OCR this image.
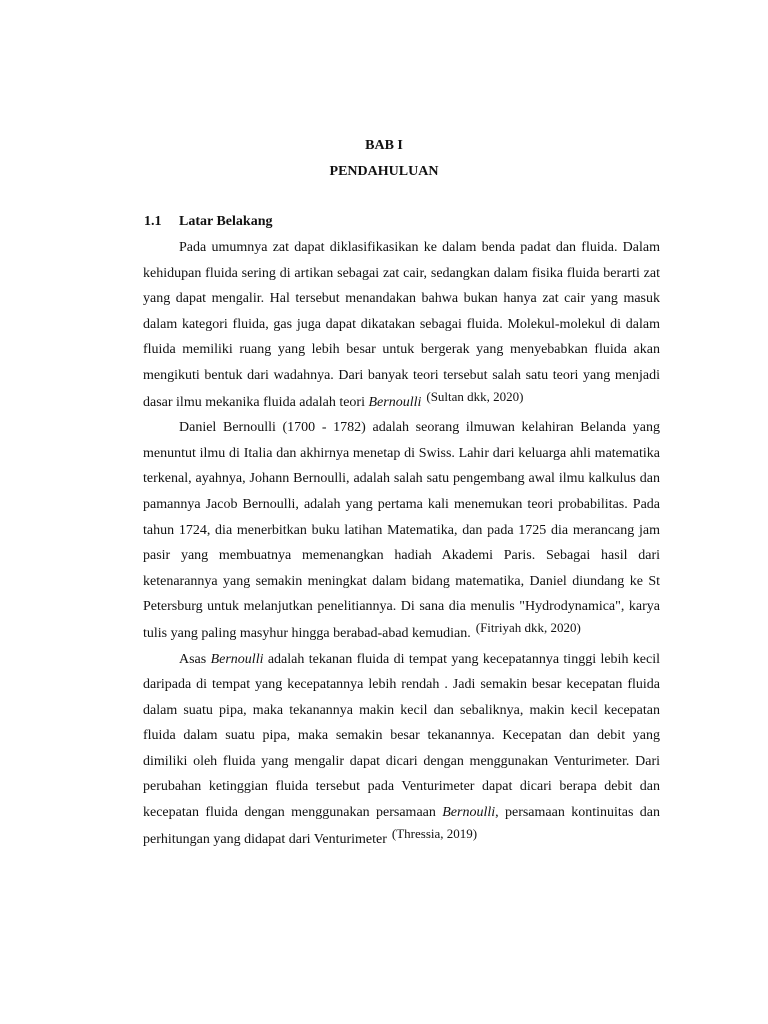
BAB I
PENDAHULUAN
1.1 Latar Belakang

Pada umumnya zat dapat diklasifikasikan ke dalam benda padat dan fluida. Dalam kehidupan fluida sering di artikan sebagai zat cair, sedangkan dalam fisika fluida berarti zat yang dapat mengalir. Hal tersebut menandakan bahwa bukan hanya zat cair yang masuk dalam kategori fluida, gas juga dapat dikatakan sebagai fluida. Molekul-molekul di dalam fluida memiliki ruang yang lebih besar untuk bergerak yang menyebabkan fluida akan mengikuti bentuk dari wadahnya. Dari banyak teori tersebut salah satu teori yang menjadi dasar ilmu mekanika fluida adalah teori Bernoulli (Sultan dkk, 2020)

Daniel Bernoulli (1700 - 1782) adalah seorang ilmuwan kelahiran Belanda yang menuntut ilmu di Italia dan akhirnya menetap di Swiss. Lahir dari keluarga ahli matematika terkenal, ayahnya, Johann Bernoulli, adalah salah satu pengembang awal ilmu kalkulus dan pamannya Jacob Bernoulli, adalah yang pertama kali menemukan teori probabilitas. Pada tahun 1724, dia menerbitkan buku latihan Matematika, dan pada 1725 dia merancang jam pasir yang membuatnya memenangkan hadiah Akademi Paris. Sebagai hasil dari ketenarannya yang semakin meningkat dalam bidang matematika, Daniel diundang ke St Petersburg untuk melanjutkan penelitiannya. Di sana dia menulis "Hydrodynamica", karya tulis yang paling masyhur hingga berabad-abad kemudian. (Fitriyah dkk, 2020)

Asas Bernoulli adalah tekanan fluida di tempat yang kecepatannya tinggi lebih kecil daripada di tempat yang kecepatannya lebih rendah . Jadi semakin besar kecepatan fluida dalam suatu pipa, maka tekanannya makin kecil dan sebaliknya, makin kecil kecepatan fluida dalam suatu pipa, maka semakin besar tekanannya. Kecepatan dan debit yang dimiliki oleh fluida yang mengalir dapat dicari dengan menggunakan Venturimeter. Dari perubahan ketinggian fluida tersebut pada Venturimeter dapat dicari berapa debit dan kecepatan fluida dengan menggunakan persamaan Bernoulli, persamaan kontinuitas dan perhitungan yang didapat dari Venturimeter (Thressia, 2019)
